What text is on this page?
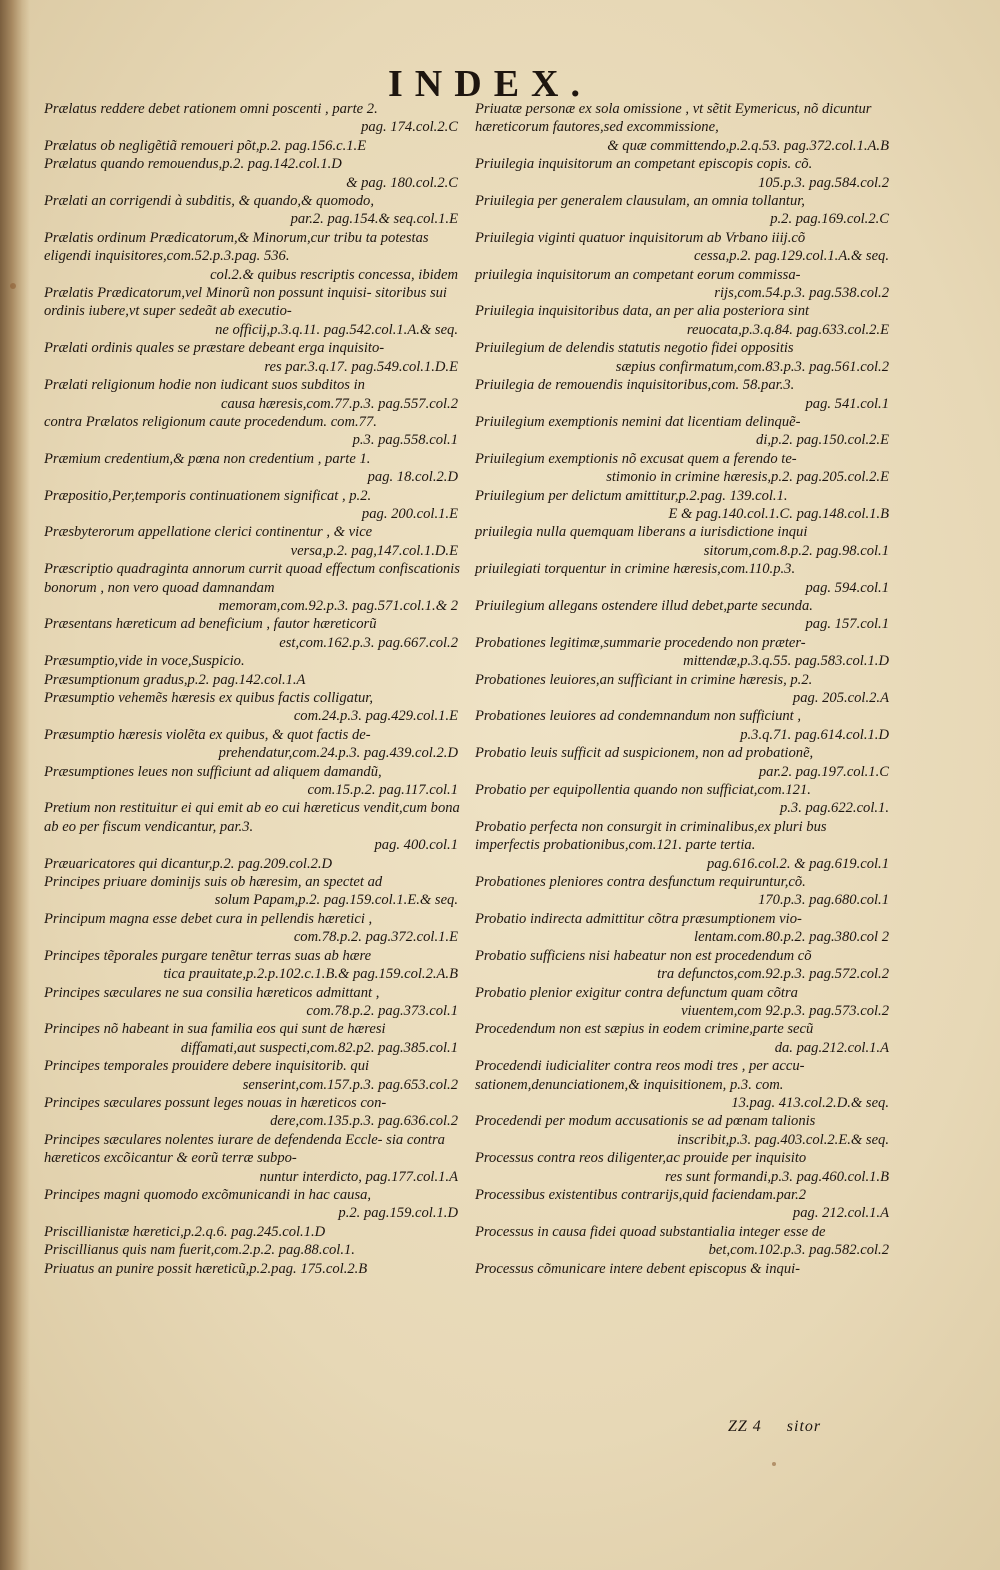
INDEX.
Prælatus reddere debet rationem omni poscenti , parte 2.
pag. 174.col.2.C
Prælatus ob negligẽtiã remoueri põt,p.2. pag.156.c.1.E
Prælatus quando remouendus,p.2. pag.142.col.1.D
& pag. 180.col.2.C
Prælati an corrigendi à subditis, & quando,& quomodo,
par.2. pag.154.& seq.col.1.E
Prælatis ordinum Prædicatorum,& Minorum,cur tribu ta potestas eligendi inquisitores,com.52.p.3.pag. 536.
col.2.& quibus rescriptis concessa, ibidem
Prælatis Prædicatorum,vel Minorũ non possunt inquisi- sitoribus sui ordinis iubere,vt super sedeãt ab executio-
ne officij,p.3.q.11. pag.542.col.1.A.& seq.
Prælati ordinis quales se præstare debeant erga inquisito-
res par.3.q.17. pag.549.col.1.D.E
Prælati religionum hodie non iudicant suos subditos in
causa hæresis,com.77.p.3. pag.557.col.2
contra Prælatos religionum caute procedendum. com.77.
p.3. pag.558.col.1
Præmium credentium,& pœna non credentium , parte 1.
pag. 18.col.2.D
Præpositio,Per,temporis continuationem significat , p.2.
pag. 200.col.1.E
Præsbyterorum appellatione clerici continentur , & vice
versa,p.2. pag,147.col.1.D.E
Præscriptio quadraginta annorum currit quoad effectum confiscationis bonorum , non vero quoad damnandam
memoram,com.92.p.3. pag.571.col.1.& 2
Præsentans hæreticum ad beneficium , fautor hæreticorũ
est,com.162.p.3. pag.667.col.2
Præsumptio,vide in voce,Suspicio.
Præsumptionum gradus,p.2. pag.142.col.1.A
Præsumptio vehemẽs hæresis ex quibus factis colligatur,
com.24.p.3. pag.429.col.1.E
Præsumptio hæresis violẽta ex quibus, & quot factis de-
prehendatur,com.24.p.3. pag.439.col.2.D
Præsumptiones leues non sufficiunt ad aliquem damandũ,
com.15.p.2. pag.117.col.1
Pretium non restituitur ei qui emit ab eo cui hæreticus vendit,cum bona ab eo per fiscum vendicantur, par.3.
pag. 400.col.1
Præuaricatores qui dicantur,p.2. pag.209.col.2.D
Principes priuare dominijs suis ob hæresim, an spectet ad
solum Papam,p.2. pag.159.col.1.E.& seq.
Principum magna esse debet cura in pellendis hæretici ,
com.78.p.2. pag.372.col.1.E
Principes tẽporales purgare tenẽtur terras suas ab hære
tica prauitate,p.2.p.102.c.1.B.& pag.159.col.2.A.B
Principes sæculares ne sua consilia hæreticos admittant ,
com.78.p.2. pag.373.col.1
Principes nõ habeant in sua familia eos qui sunt de hæresi
diffamati,aut suspecti,com.82.p2. pag.385.col.1
Principes temporales prouidere debere inquisitorib. qui
senserint,com.157.p.3. pag.653.col.2
Principes sæculares possunt leges nouas in hæreticos con-
dere,com.135.p.3. pag.636.col.2
Principes sæculares nolentes iurare de defendenda Eccle- sia contra hæreticos excõicantur & eorũ terræ subpo-
nuntur interdicto, pag.177.col.1.A
Principes magni quomodo excõmunicandi in hac causa,
p.2. pag.159.col.1.D
Priscillianistæ hæretici,p.2.q.6. pag.245.col.1.D
Priscillianus quis nam fuerit,com.2.p.2. pag.88.col.1.
Priuatus an punire possit hæreticũ,p.2.pag. 175.col.2.B
Priuatæ personæ ex sola omissione , vt sẽtit Eymericus, nõ dicuntur hæreticorum fautores,sed excommissione,
& quæ committendo,p.2.q.53. pag.372.col.1.A.B
Priuilegia inquisitorum an competant episcopis copis. cõ.
105.p.3. pag.584.col.2
Priuilegia per generalem clausulam, an omnia tollantur,
p.2. pag.169.col.2.C
Priuilegia viginti quatuor inquisitorum ab Vrbano iiij.cõ
cessa,p.2. pag.129.col.1.A.& seq.
priuilegia inquisitorum an competant eorum commissa-
rijs,com.54.p.3. pag.538.col.2
Priuilegia inquisitoribus data, an per alia posteriora sint
reuocata,p.3.q.84. pag.633.col.2.E
Priuilegium de delendis statutis negotio fidei oppositis
sæpius confirmatum,com.83.p.3. pag.561.col.2
Priuilegia de remouendis inquisitoribus,com. 58.par.3.
pag. 541.col.1
Priuilegium exemptionis nemini dat licentiam delinquẽ-
di,p.2. pag.150.col.2.E
Priuilegium exemptionis nõ excusat quem a ferendo te-
stimonio in crimine hæresis,p.2. pag.205.col.2.E
Priuilegium per delictum amittitur,p.2.pag. 139.col.1.
E & pag.140.col.1.C. pag.148.col.1.B
priuilegia nulla quemquam liberans a iurisdictione inqui
sitorum,com.8.p.2. pag.98.col.1
priuilegiati torquentur in crimine hæresis,com.110.p.3.
pag. 594.col.1
Priuilegium allegans ostendere illud debet,parte secunda.
pag. 157.col.1
Probationes legitimæ,summarie procedendo non præter-
mittendæ,p.3.q.55. pag.583.col.1.D
Probationes leuiores,an sufficiant in crimine hæresis, p.2.
pag. 205.col.2.A
Probationes leuiores ad condemnandum non sufficiunt ,
p.3.q.71. pag.614.col.1.D
Probatio leuis sufficit ad suspicionem, non ad probationẽ,
par.2. pag.197.col.1.C
Probatio per equipollentia quando non sufficiat,com.121.
p.3. pag.622.col.1.
Probatio perfecta non consurgit in criminalibus,ex pluri bus imperfectis probationibus,com.121. parte tertia.
pag.616.col.2. & pag.619.col.1
Probationes pleniores contra desfunctum requiruntur,cõ.
170.p.3. pag.680.col.1
Probatio indirecta admittitur cõtra præsumptionem vio-
lentam.com.80.p.2. pag.380.col 2
Probatio sufficiens nisi habeatur non est procedendum cõ
tra defunctos,com.92.p.3. pag.572.col.2
Probatio plenior exigitur contra defunctum quam cõtra
viuentem,com 92.p.3. pag.573.col.2
Procedendum non est sæpius in eodem crimine,parte secũ
da. pag.212.col.1.A
Procedendi iudicialiter contra reos modi tres , per accu- sationem,denunciationem,& inquisitionem, p.3. com.
13.pag. 413.col.2.D.& seq.
Procedendi per modum accusationis se ad pœnam talionis
inscribit,p.3. pag.403.col.2.E.& seq.
Processus contra reos diligenter,ac prouide per inquisito
res sunt formandi,p.3. pag.460.col.1.B
Processibus existentibus contrarijs,quid faciendam.par.2
pag. 212.col.1.A
Processus in causa fidei quoad substantialia integer esse de
bet,com.102.p.3. pag.582.col.2
Processus cõmunicare intere debent episcopus & inqui-
ZZ 4 sitor
